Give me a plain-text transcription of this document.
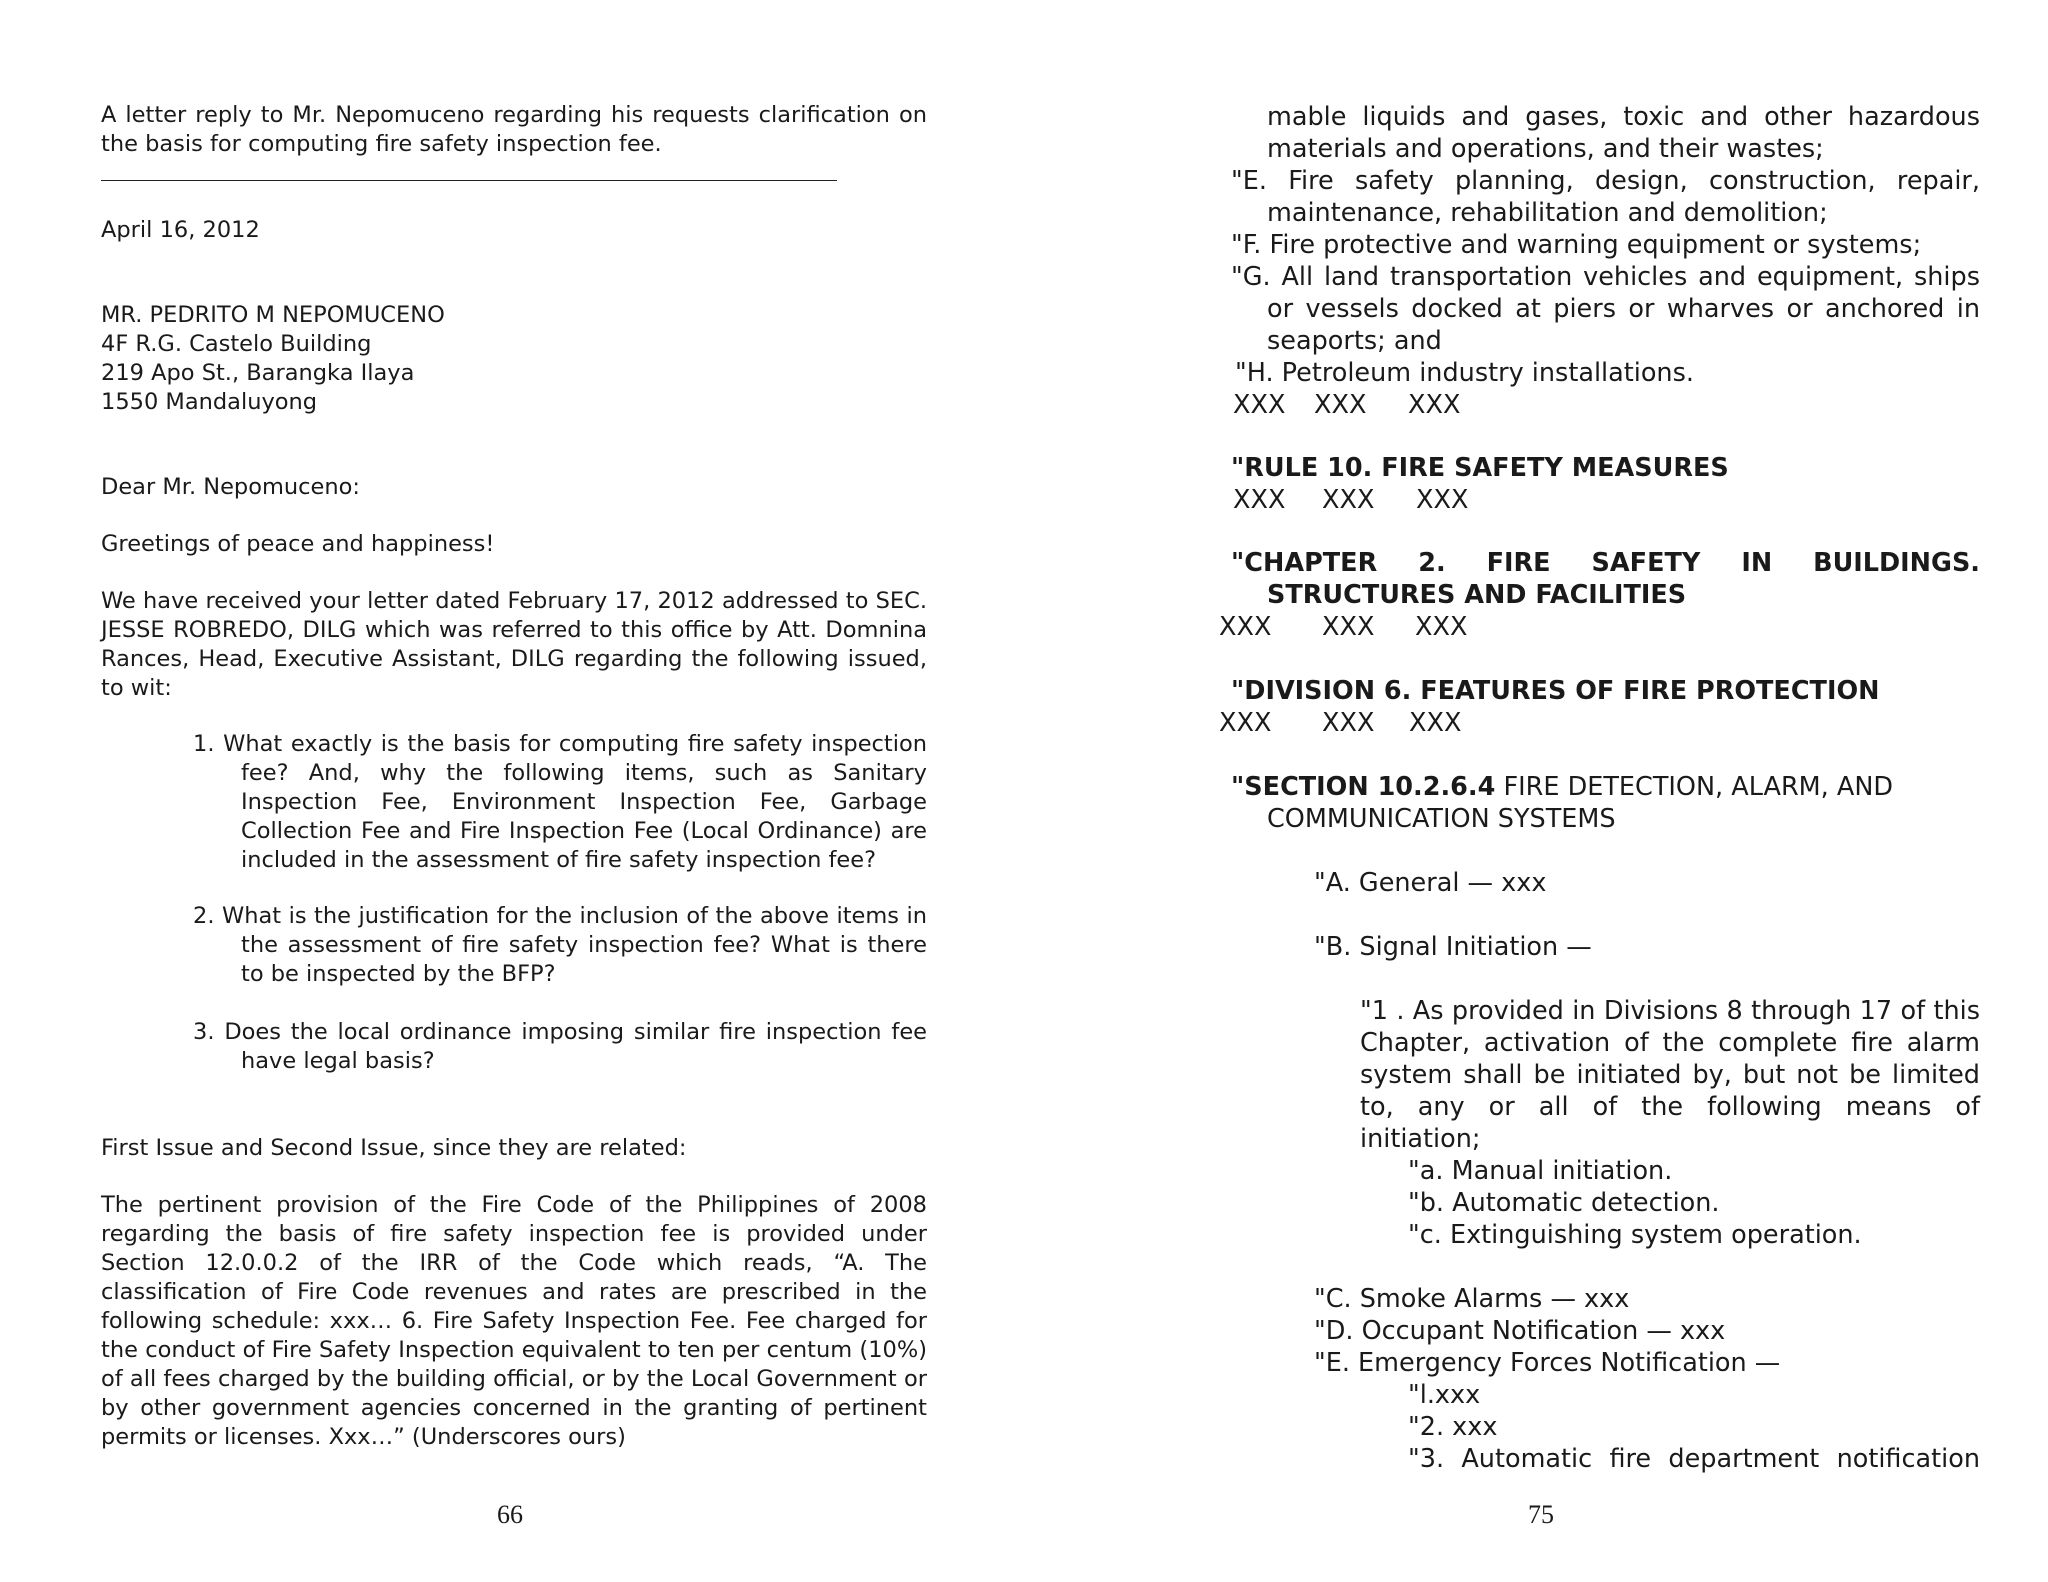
A letter reply to Mr. Nepomuceno regarding his requests clarification on the basis for computing fire safety inspection fee.
April 16, 2012
MR. PEDRITO M NEPOMUCENO
4F R.G. Castelo Building
219 Apo St., Barangka Ilaya
1550 Mandaluyong
Dear Mr. Nepomuceno:
Greetings of peace and happiness!
We have received your letter dated February 17, 2012 addressed to SEC. JESSE ROBREDO, DILG which was referred to this office by Att. Domnina Rances, Head, Executive Assistant, DILG regarding the following issued, to wit:
1. What exactly is the basis for computing fire safety inspection fee? And, why the following items, such as Sanitary Inspection Fee, Environment Inspection Fee, Garbage Collection Fee and Fire Inspection Fee (Local Ordinance) are included in the assessment of fire safety inspection fee?
2. What is the justification for the inclusion of the above items in the assessment of fire safety inspection fee? What is there to be inspected by the BFP?
3. Does the local ordinance imposing similar fire inspection fee have legal basis?
First Issue and Second Issue, since they are related:
The pertinent provision of the Fire Code of the Philippines of 2008 regarding the basis of fire safety inspection fee is provided under Section 12.0.0.2 of the IRR of the Code which reads, “A. The classification of Fire Code revenues and rates are prescribed in the following schedule: xxx… 6. Fire Safety Inspection Fee. Fee charged for the conduct of Fire Safety Inspection equivalent to ten per centum (10%) of all fees charged by the building official, or by the Local Government or by other government agencies concerned in the granting of pertinent permits or licenses. Xxx…” (Underscores ours)
66
mable liquids and gases, toxic and other hazardous materials and operations, and their wastes;
"E. Fire safety planning, design, construction, repair, maintenance, rehabilitation and demolition;
"F. Fire protective and warning equipment or systems;
"G. All land transportation vehicles and equipment, ships or vessels docked at piers or wharves or anchored in seaports; and
"H. Petroleum industry installations.
XXX XXX XXX
"RULE 10. FIRE SAFETY MEASURES
XXX XXX XXX
"CHAPTER 2. FIRE SAFETY IN BUILDINGS. STRUCTURES AND FACILITIES
XXX XXX XXX
"DIVISION 6. FEATURES OF FIRE PROTECTION
XXX XXX XXX
"SECTION 10.2.6.4 FIRE DETECTION, ALARM, AND COMMUNICATION SYSTEMS
"A. General — xxx
"B. Signal Initiation —
"1 . As provided in Divisions 8 through 17 of this Chapter, activation of the complete fire alarm system shall be initiated by, but not be limited to, any or all of the following means of initiation;
"a. Manual initiation.
"b. Automatic detection.
"c. Extinguishing system operation.
"C. Smoke Alarms — xxx
"D. Occupant Notification — xxx
"E. Emergency Forces Notification —
"l.xxx
"2. xxx
"3. Automatic fire department notification
75
